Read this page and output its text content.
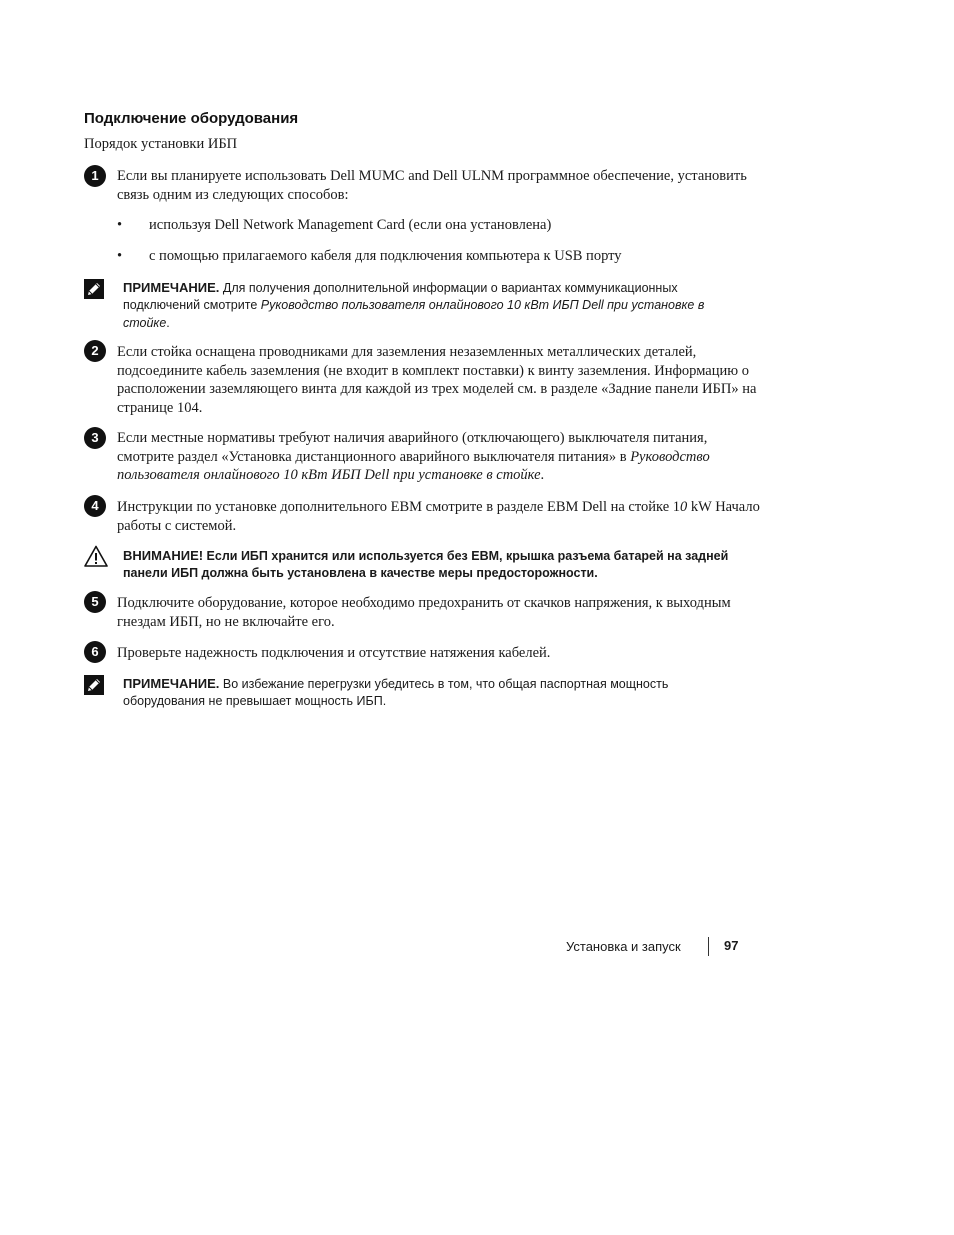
Подключение оборудования
Порядок установки ИБП
1	Если вы планируете использовать Dell MUMC and Dell ULNM программное обеспечение, установить связь одним из следующих способов:
• используя Dell Network Management Card (если она установлена)
• с помощью прилагаемого кабеля для подключения компьютера к USB порту
ПРИМЕЧАНИЕ. Для получения дополнительной информации о вариантах коммуникационных подключений смотрите Руководство пользователя онлайнового 10 кВт ИБП Dell при установке в стойке.
2	Если стойка оснащена проводниками для заземления незаземленных металлических деталей, подсоедините кабель заземления (не входит в комплект поставки) к винту заземления. Информацию о расположении заземляющего винта для каждой из трех моделей см. в разделе «Задние панели ИБП» на странице 104.
3	Если местные нормативы требуют наличия аварийного (отключающего) выключателя питания, смотрите раздел «Установка дистанционного аварийного выключателя питания» в Руководство пользователя онлайнового 10 кВт ИБП Dell при установке в стойке.
4	Инструкции по установке дополнительного EBM смотрите в разделе EBM Dell на стойке 10 kW Начало работы с системой.
ВНИМАНИЕ! Если ИБП хранится или используется без EBM, крышка разъема батарей на задней панели ИБП должна быть установлена в качестве меры предосторожности.
5	Подключите оборудование, которое необходимо предохранить от скачков напряжения, к выходным гнездам ИБП, но не включайте его.
6	Проверьте надежность подключения и отсутствие натяжения кабелей.
ПРИМЕЧАНИЕ. Во избежание перегрузки убедитесь в том, что общая паспортная мощность оборудования не превышает мощность ИБП.
Установка и запуск	97
